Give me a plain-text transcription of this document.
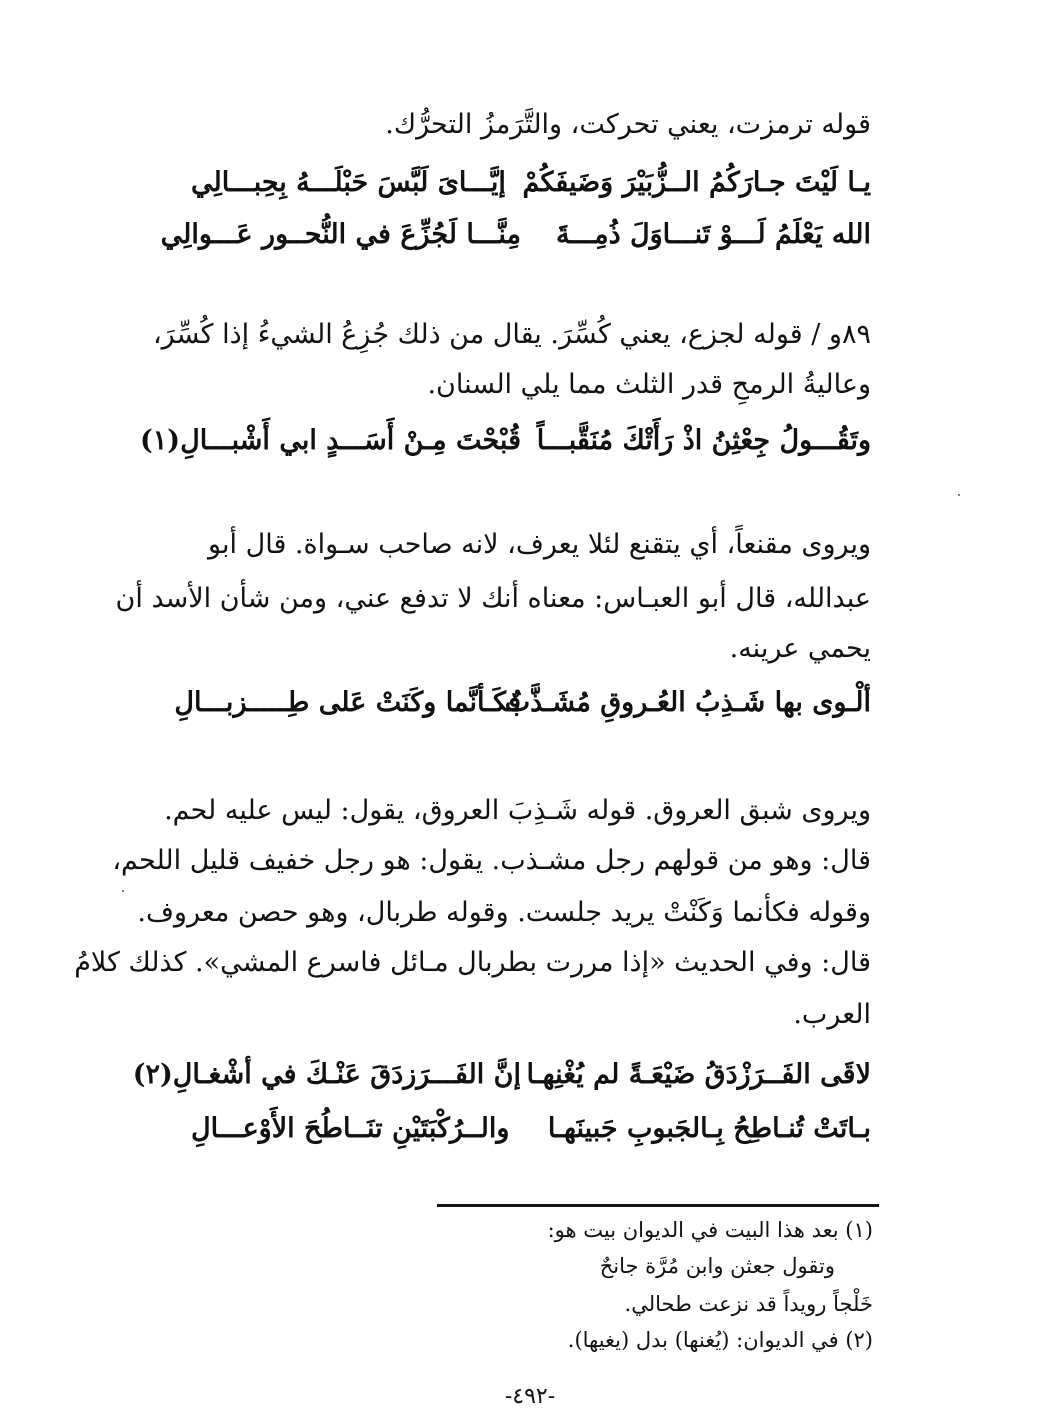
قوله ترمزت، يعني تحركت، والتَّرَمزُ التحرُّك.
يـا لَيْتَ جـارَكُمُ الــزُّبَيْرَ وَضَيفَكُمْ
إيَّـــاىَ لَبَّسَ حَبْلَـــهُ بِحِبـــالِي
الله يَعْلَمُ لَـــوْ تَنـــاوَلَ ذُمِـــةَ
مِنَّـــا لَجُزِّعَ في النُّحــور عَـــوالِي
٨٩و / قوله لجزع، يعني كُسِّرَ. يقال من ذلك جُزِعُ الشيءُ إذا كُسِّرَ،
وعاليةُ الرمحِ قدر الثلث مما يلي السنان.
وتَقُـــولُ جِعْثِنُ اذْ رَأَتْكَ مُنَقَّبـــاً
قُبْحْتَ مِـنْ أَسَـــدٍ ابي أَشْبـــالِ(١)
ويروى مقنعاً، أي يتقنع لئلا يعرف، لانه صاحب سـواة. قال أبو
عبدالله، قال أبو العبـاس: معناه أنك لا تدفع عني، ومن شأن الأسد أن
يحمي عرينه.
ألْـوى بها شَـذِبُ العُـروقِ مُشَـذَّبٌ
فكَـأنَّما وكَنَتْ عَلى طِـــــزبـــالِ
ويروى شبق العروق. قوله شَـذِبَ العروق، يقول: ليس عليه لحم.
قال: وهو من قولهم رجل مشـذب. يقول: هو رجل خفيف قليل اللحم،
وقوله فكأنما وَكَنْتْ يريد جلست. وقوله طربال، وهو حصن معروف.
قال: وفي الحديث «إذا مررت بطربال مـائل فاسرع المشي». كذلك كلامُ
العرب.
لاقَى الفَــرَزْدَقُ ضَيْعَـةً لم يُغْنِهـا
إنَّ الفَـــرَزدَقَ عَنْـكَ في أشْغـالِ(٢)
بـاتَتْ تُنـاطِحُ بِـالجَبوبِ جَبينَهـا
والــرُكْبَتَيْنِ تنَــاطُحَ الأَوْعـــالِ
(١) بعد هذا البيت في الديوان بيت هو:
وتقول جعثن وابن مُرَّة جانحٌ
خَلْجاً رويداً قد نزعت طحالي.
(٢) في الديوان: (يُغنها) بدل (يغيها).
-٤٩٢-
